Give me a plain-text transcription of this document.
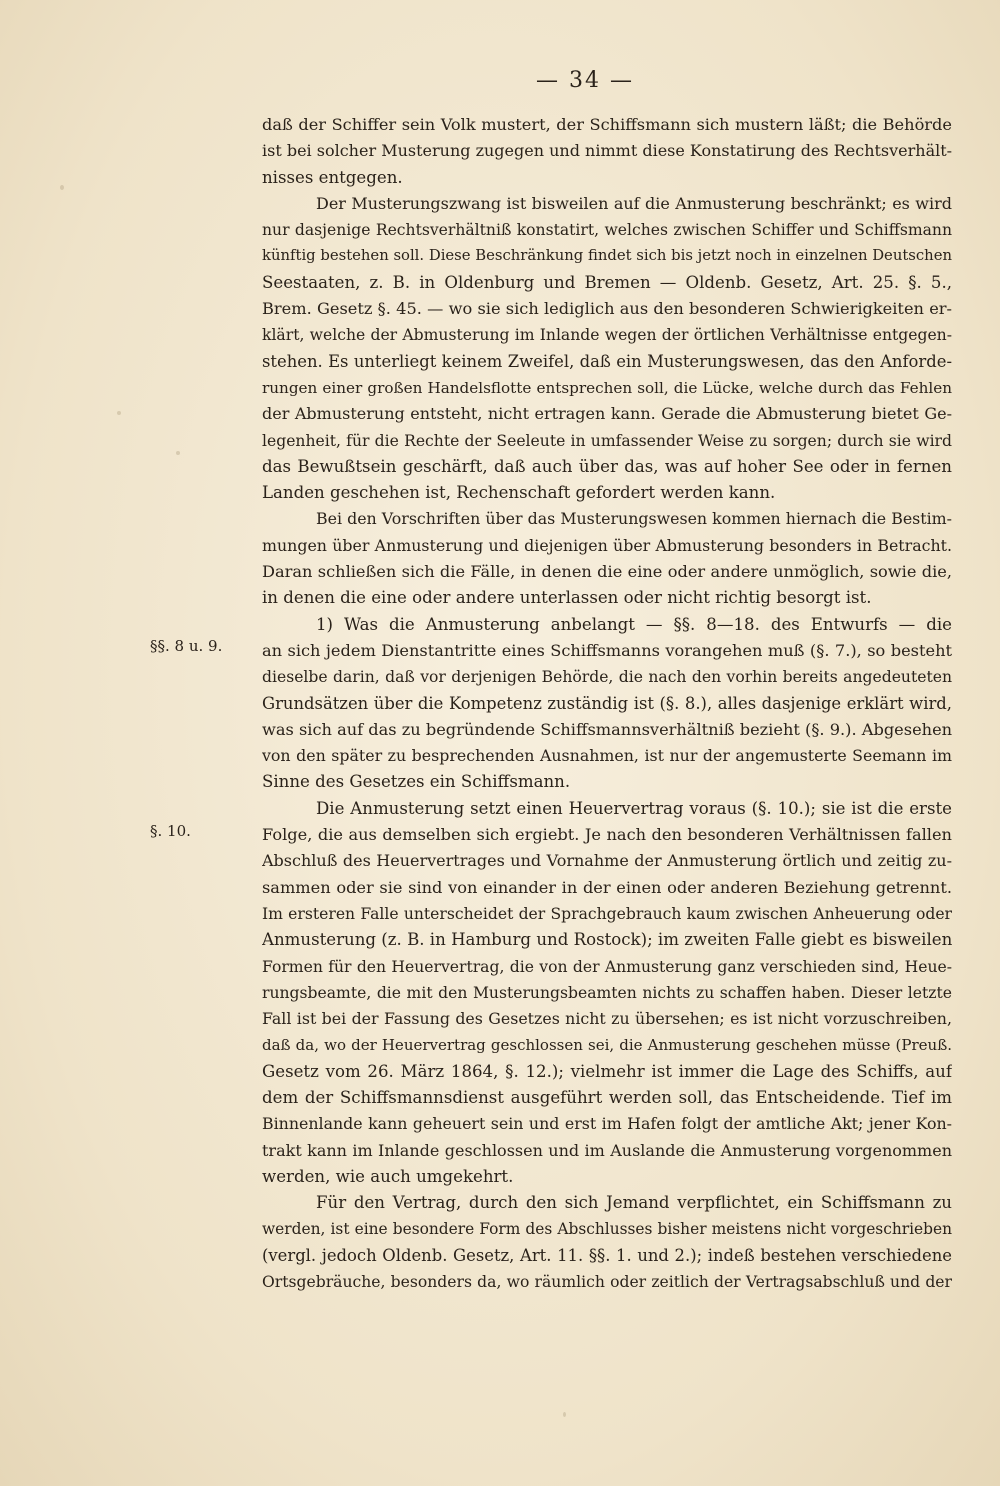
— 34 —
§§. 8 u. 9.
§. 10.
daß der Schiffer sein Volk mustert, der Schiffsmann sich mustern läßt; die Behörde
ist bei solcher Musterung zugegen und nimmt diese Konstatirung des Rechtsverhält-
nisses entgegen.
Der Musterungszwang ist bisweilen auf die Anmusterung beschränkt; es wird
nur dasjenige Rechtsverhältniß konstatirt, welches zwischen Schiffer und Schiffsmann
künftig bestehen soll. Diese Beschränkung findet sich bis jetzt noch in einzelnen Deutschen
Seestaaten, z. B. in Oldenburg und Bremen — Oldenb. Gesetz, Art. 25. §. 5.,
Brem. Gesetz §. 45. — wo sie sich lediglich aus den besonderen Schwierigkeiten er-
klärt, welche der Abmusterung im Inlande wegen der örtlichen Verhältnisse entgegen-
stehen. Es unterliegt keinem Zweifel, daß ein Musterungswesen, das den Anforde-
rungen einer großen Handelsflotte entsprechen soll, die Lücke, welche durch das Fehlen
der Abmusterung entsteht, nicht ertragen kann. Gerade die Abmusterung bietet Ge-
legenheit, für die Rechte der Seeleute in umfassender Weise zu sorgen; durch sie wird
das Bewußtsein geschärft, daß auch über das, was auf hoher See oder in fernen
Landen geschehen ist, Rechenschaft gefordert werden kann.
Bei den Vorschriften über das Musterungswesen kommen hiernach die Bestim-
mungen über Anmusterung und diejenigen über Abmusterung besonders in Betracht.
Daran schließen sich die Fälle, in denen die eine oder andere unmöglich, sowie die,
in denen die eine oder andere unterlassen oder nicht richtig besorgt ist.
1) Was die Anmusterung anbelangt — §§. 8—18. des Entwurfs — die
an sich jedem Dienstantritte eines Schiffsmanns vorangehen muß (§. 7.), so besteht
dieselbe darin, daß vor derjenigen Behörde, die nach den vorhin bereits angedeuteten
Grundsätzen über die Kompetenz zuständig ist (§. 8.), alles dasjenige erklärt wird,
was sich auf das zu begründende Schiffsmannsverhältniß bezieht (§. 9.). Abgesehen
von den später zu besprechenden Ausnahmen, ist nur der angemusterte Seemann im
Sinne des Gesetzes ein Schiffsmann.
Die Anmusterung setzt einen Heuervertrag voraus (§. 10.); sie ist die erste
Folge, die aus demselben sich ergiebt. Je nach den besonderen Verhältnissen fallen
Abschluß des Heuervertrages und Vornahme der Anmusterung örtlich und zeitig zu-
sammen oder sie sind von einander in der einen oder anderen Beziehung getrennt.
Im ersteren Falle unterscheidet der Sprachgebrauch kaum zwischen Anheuerung oder
Anmusterung (z. B. in Hamburg und Rostock); im zweiten Falle giebt es bisweilen
Formen für den Heuervertrag, die von der Anmusterung ganz verschieden sind, Heue-
rungsbeamte, die mit den Musterungsbeamten nichts zu schaffen haben. Dieser letzte
Fall ist bei der Fassung des Gesetzes nicht zu übersehen; es ist nicht vorzuschreiben,
daß da, wo der Heuervertrag geschlossen sei, die Anmusterung geschehen müsse (Preuß.
Gesetz vom 26. März 1864, §. 12.); vielmehr ist immer die Lage des Schiffs, auf
dem der Schiffsmannsdienst ausgeführt werden soll, das Entscheidende. Tief im
Binnenlande kann geheuert sein und erst im Hafen folgt der amtliche Akt; jener Kon-
trakt kann im Inlande geschlossen und im Auslande die Anmusterung vorgenommen
werden, wie auch umgekehrt.
Für den Vertrag, durch den sich Jemand verpflichtet, ein Schiffsmann zu
werden, ist eine besondere Form des Abschlusses bisher meistens nicht vorgeschrieben
(vergl. jedoch Oldenb. Gesetz, Art. 11. §§. 1. und 2.); indeß bestehen verschiedene
Ortsgebräuche, besonders da, wo räumlich oder zeitlich der Vertragsabschluß und der
